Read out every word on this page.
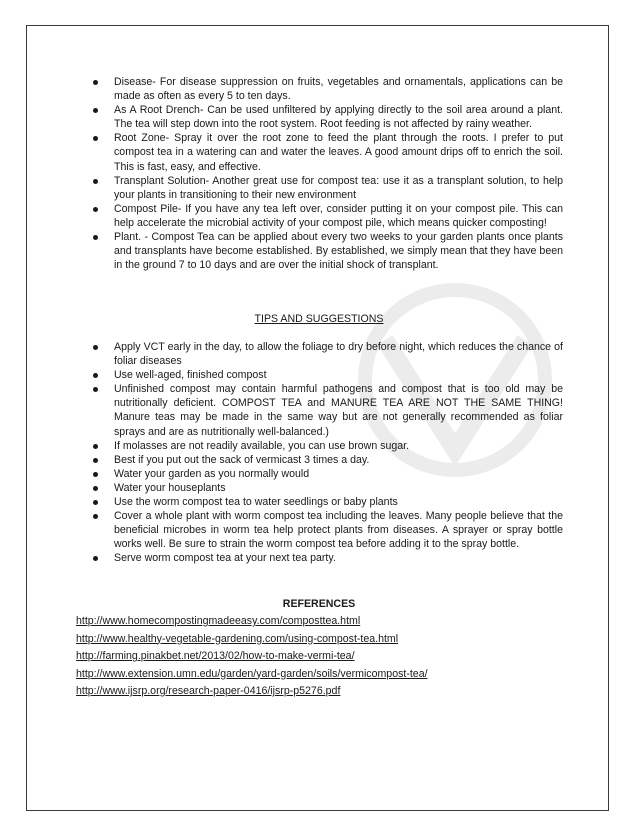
Disease- For disease suppression on fruits, vegetables and ornamentals, applications can be made as often as every 5 to ten days.
As A Root Drench- Can be used unfiltered by applying directly to the soil area around a plant. The tea will step down into the root system. Root feeding is not affected by rainy weather.
Root Zone- Spray it over the root zone to feed the plant through the roots. I prefer to put compost tea in a watering can and water the leaves. A good amount drips off to enrich the soil. This is fast, easy, and effective.
Transplant Solution- Another great use for compost tea: use it as a transplant solution, to help your plants in transitioning to their new environment
Compost Pile- If you have any tea left over, consider putting it on your compost pile. This can help accelerate the microbial activity of your compost pile, which means quicker composting!
Plant. - Compost Tea can be applied about every two weeks to your garden plants once plants and transplants have become established. By established, we simply mean that they have been in the ground 7 to 10 days and are over the initial shock of transplant.
TIPS AND SUGGESTIONS
Apply VCT early in the day, to allow the foliage to dry before night, which reduces the chance of foliar diseases
Use well-aged, finished compost
Unfinished compost may contain harmful pathogens and compost that is too old may be nutritionally deficient. COMPOST TEA and MANURE TEA ARE NOT THE SAME THING! Manure teas may be made in the same way but are not generally recommended as foliar sprays and are as nutritionally well-balanced.)
If molasses are not readily available, you can use brown sugar.
Best if you put out the sack of vermicast 3 times a day.
Water your garden as you normally would
Water your houseplants
Use the worm compost tea to water seedlings or baby plants
Cover a whole plant with worm compost tea including the leaves. Many people believe that the beneficial microbes in worm tea help protect plants from diseases. A sprayer or spray bottle works well. Be sure to strain the worm compost tea before adding it to the spray bottle.
Serve worm compost tea at your next tea party.
REFERENCES
http://www.homecompostingmadeeasy.com/composttea.html
http://www.healthy-vegetable-gardening.com/using-compost-tea.html
http://farming.pinakbet.net/2013/02/how-to-make-vermi-tea/
http://www.extension.umn.edu/garden/yard-garden/soils/vermicompost-tea/
http://www.ijsrp.org/research-paper-0416/ijsrp-p5276.pdf
